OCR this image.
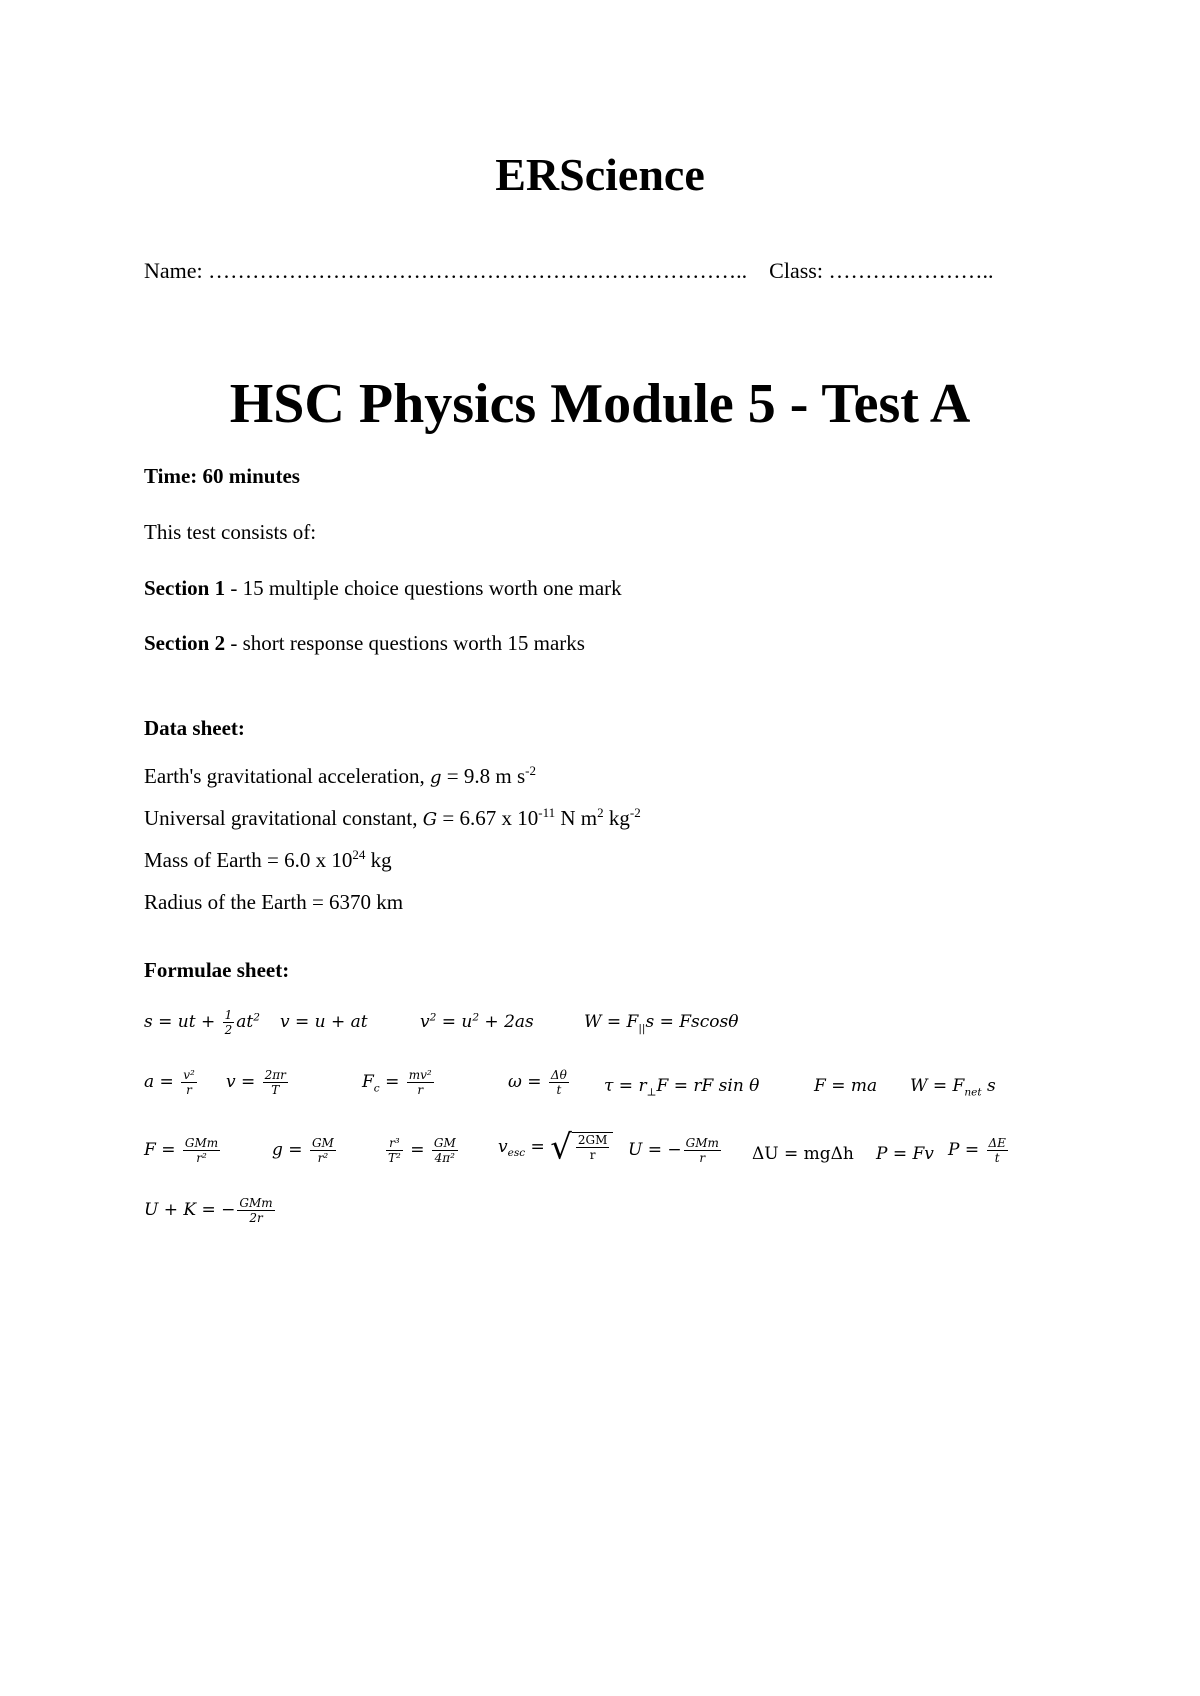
ERScience
Name: ……………………………………………………………….. Class: …………………..
HSC Physics Module 5 - Test A
Time: 60 minutes
This test consists of:
Section 1 - 15 multiple choice questions worth one mark
Section 2 - short response questions worth 15 marks
Data sheet:
Earth's gravitational acceleration, g = 9.8 m $s^{-2}$
Universal gravitational constant, G = 6.67 x $10^{-11}$ N $m^2$ $kg^{-2}$
Mass of Earth = 6.0 x $10^{24}$ kg
Radius of the Earth = 6370 km
Formulae sheet:
s = ut + $\frac{1}{2} at^2$ v = u + at	$v^2 = u^2 + 2as$	$W = F_{||}s = Fscos\theta$
$a = \frac{\text{v²}}{r}$ $v = \frac{2\pi r}{T}$	$F_c = \frac{\text{mv²}}{r}$	$\omega = \frac{\Delta\theta}{t}$ $\tau = r_\perp F$ = rF sin θ	F = ma $W = F_{net}$ s
$F = \frac{\text{GMm}}{\text{r²}}$	$g = \frac{GM}{\text{r²}}$	$\frac{\text{r³}}{\text{T²}} = \frac{GM}{\text{4π²}} v_{esc}$ = √ $\frac{2GM}{r}$ U = − $\frac{\text{GMm}}{r}$ ΔU = mgΔh P = Fv $P = \frac{\Delta E}{t}$
U + K = − $\frac{\text{GMm}}{2r}$
